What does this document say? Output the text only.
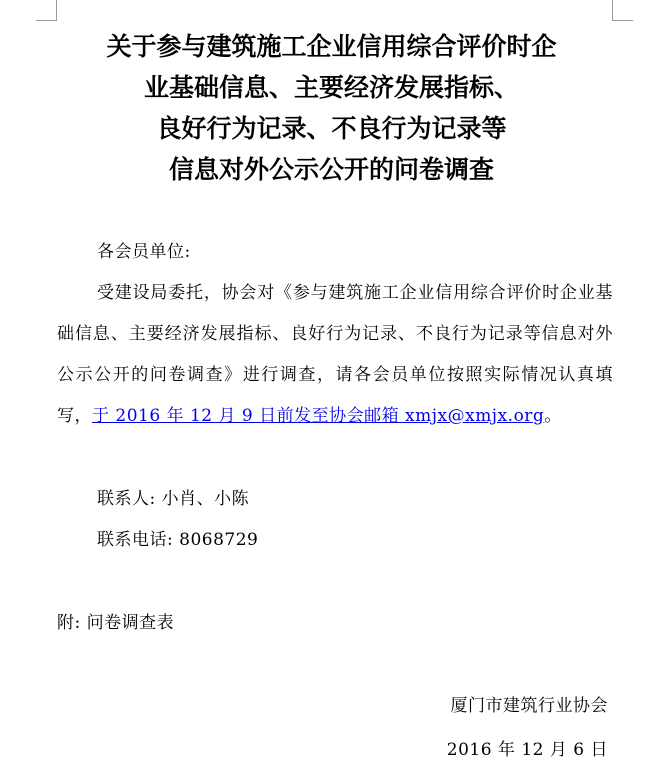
关于参与建筑施工企业信用综合评价时企
业基础信息、主要经济发展指标、
良好行为记录、不良行为记录等
信息对外公示公开的问卷调查
各会员单位:
受建设局委托，协会对《参与建筑施工企业信用综合评价时企业基础信息、主要经济发展指标、良好行为记录、不良行为记录等信息对外公示公开的问卷调查》进行调查，请各会员单位按照实际情况认真填写，于 2016 年 12 月 9 日前发至协会邮箱 xmjx@xmjx.org。
联系人: 小肖、小陈
联系电话: 8068729
附: 问卷调查表
厦门市建筑行业协会
2016 年 12 月 6 日
